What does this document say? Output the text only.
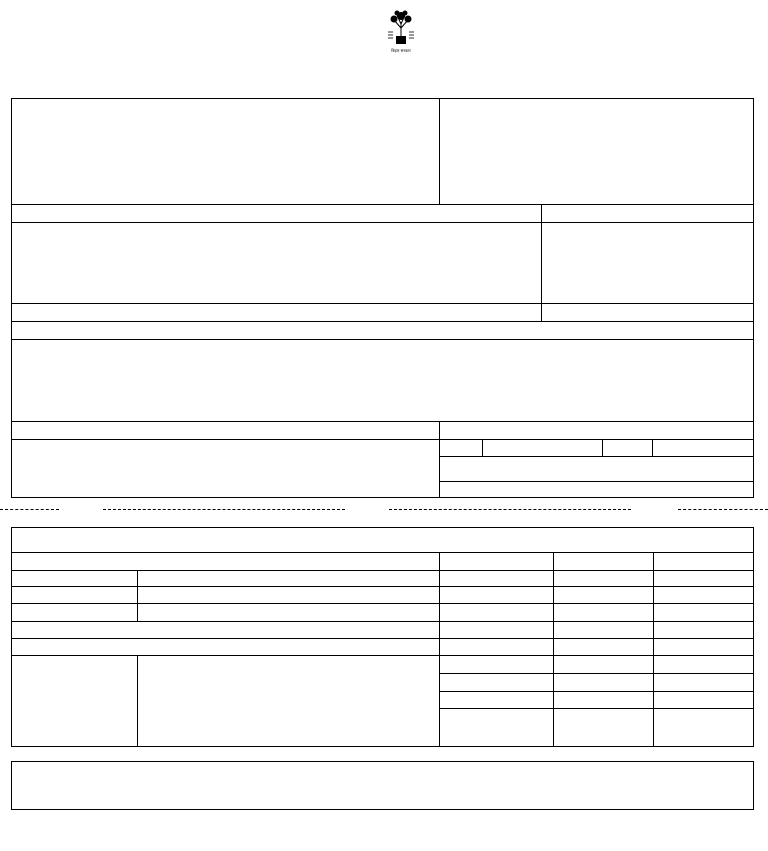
बिहार सरकार
